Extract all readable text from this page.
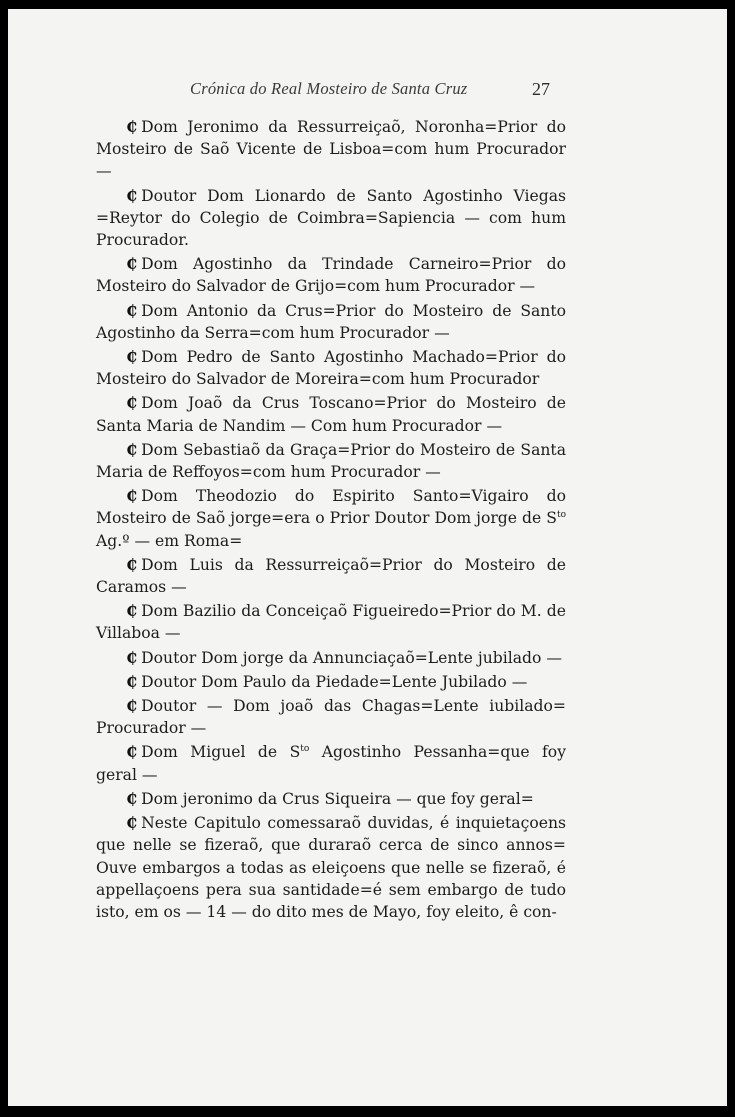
Crónica do Real Mosteiro de Santa Cruz	27

₵ Dom Jeronimo da Ressurreiçaõ, Noronha=Prior do Mosteiro de Saõ Vicente de Lisboa=com hum Procurador —

₵ Doutor Dom Lionardo de Santo Agostinho Viegas =Reytor do Colegio de Coimbra=Sapiencia — com hum Procurador.

₵ Dom Agostinho da Trindade Carneiro=Prior do Mosteiro do Salvador de Grijo=com hum Procurador —

₵ Dom Antonio da Crus=Prior do Mosteiro de Santo Agostinho da Serra=com hum Procurador —

₵ Dom Pedro de Santo Agostinho Machado=Prior do Mosteiro do Salvador de Moreira=com hum Procurador

₵ Dom Joaõ da Crus Toscano=Prior do Mosteiro de Santa Maria de Nandim — Com hum Procurador —

₵ Dom Sebastiaõ da Graça=Prior do Mosteiro de Santa Maria de Reffoyos=com hum Procurador —

₵ Dom Theodozio do Espirito Santo=Vigairo do Mosteiro de Saõ jorge=era o Prior Doutor Dom jorge de $S^{to}$ Ag.º — em Roma=

₵ Dom Luis da Ressurreiçaõ=Prior do Mosteiro de Caramos —

₵ Dom Bazilio da Conceiçaõ Figueiredo=Prior do M. de Villaboa —

₵ Doutor Dom jorge da Annunciaçaõ=Lente jubilado —

₵ Doutor Dom Paulo da Piedade=Lente Jubilado —

₵ Doutor — Dom joaõ das Chagas=Lente iubilado= Procurador —

₵ Dom Miguel de $S^{to}$ Agostinho Pessanha=que foy geral —

₵ Dom jeronimo da Crus Siqueira — que foy geral=

₵ Neste Capitulo comessaraõ duvidas, é inquietaçoens que nelle se fizeraõ, que duraraõ cerca de sinco annos= Ouve embargos a todas as eleiçoens que nelle se fizeraõ, é appellaçoens pera sua santidade=é sem embargo de tudo isto, em os — 14 — do dito mes de Mayo, foy eleito, ê con-
